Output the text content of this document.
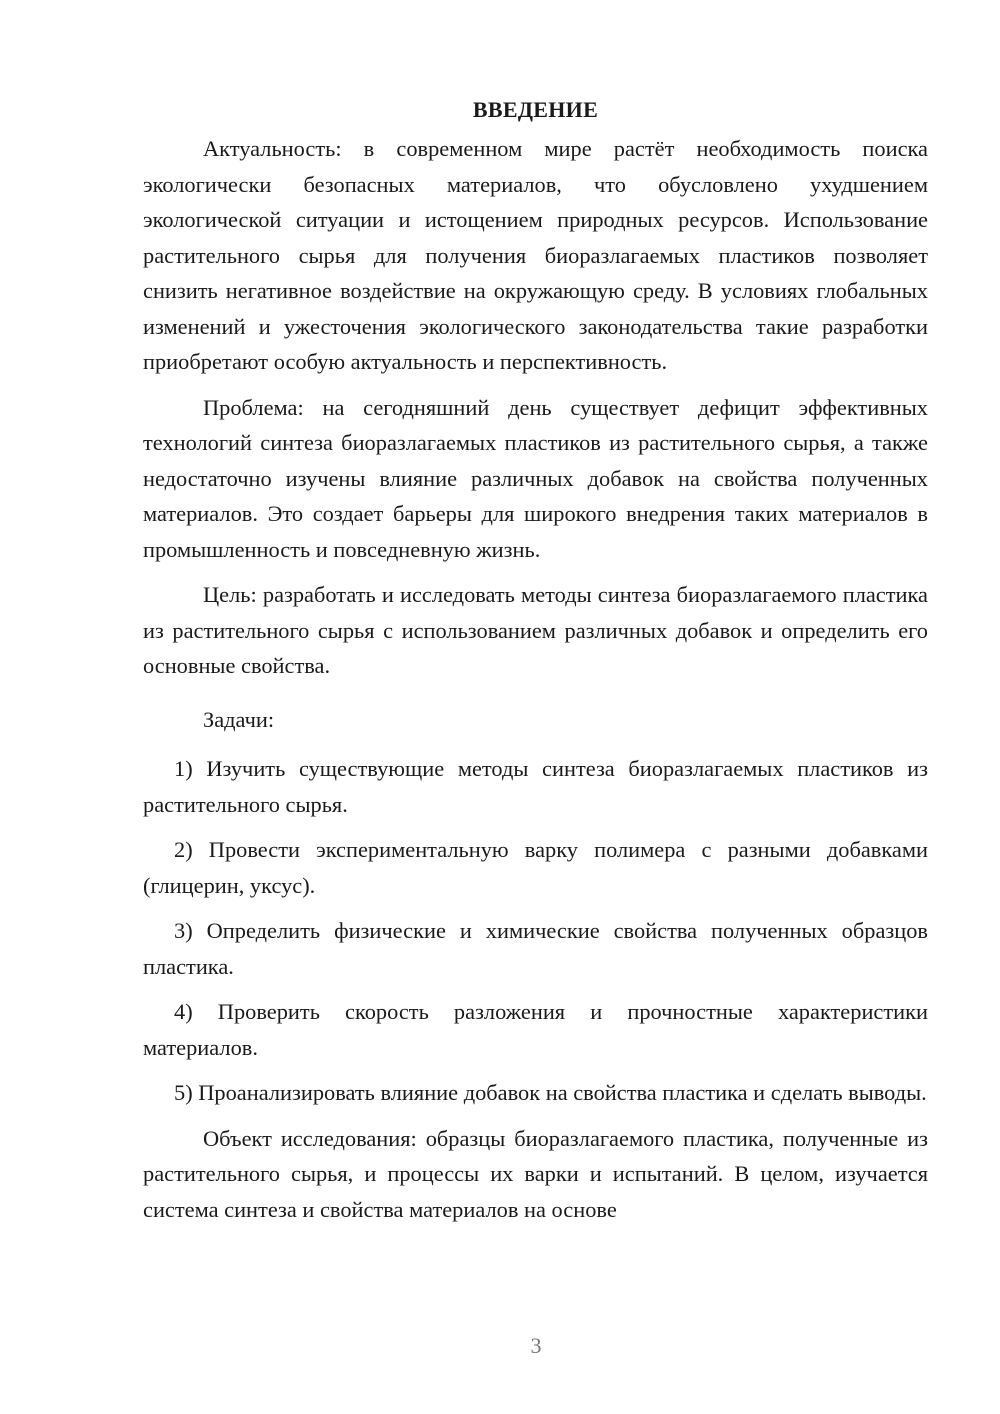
ВВЕДЕНИЕ

Актуальность: в современном мире растёт необходимость поиска экологически безопасных материалов, что обусловлено ухудшением экологической ситуации и истощением природных ресурсов. Использование растительного сырья для получения биоразлагаемых пластиков позволяет снизить негативное воздействие на окружающую среду. В условиях глобальных изменений и ужесточения экологического законодательства такие разработки приобретают особую актуальность и перспективность.

Проблема: на сегодняшний день существует дефицит эффективных технологий синтеза биоразлагаемых пластиков из растительного сырья, а также недостаточно изучены влияние различных добавок на свойства полученных материалов. Это создает барьеры для широкого внедрения таких материалов в промышленность и повседневную жизнь.

Цель: разработать и исследовать методы синтеза биоразлагаемого пластика из растительного сырья с использованием различных добавок и определить его основные свойства.

Задачи:

1) Изучить существующие методы синтеза биоразлагаемых пластиков из растительного сырья.

2) Провести экспериментальную варку полимера с разными добавками (глицерин, уксус).

3) Определить физические и химические свойства полученных образцов пластика.

4) Проверить скорость разложения и прочностные характеристики материалов.

5) Проанализировать влияние добавок на свойства пластика и сделать выводы.

Объект исследования: образцы биоразлагаемого пластика, полученные из растительного сырья, и процессы их варки и испытаний. В целом, изучается система синтеза и свойства материалов на основе

3
